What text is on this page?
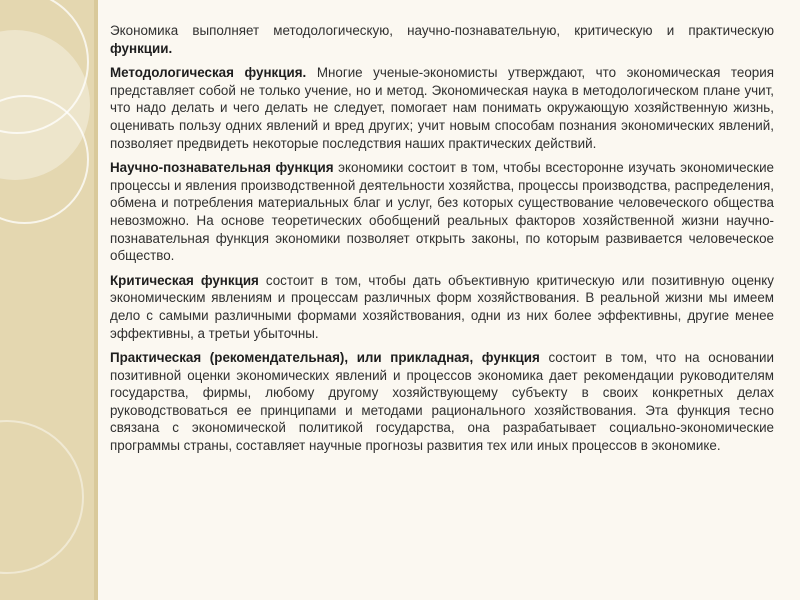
Экономика выполняет методологическую, научно-познавательную, критическую и практическую функции.

Методологическая функция. Многие ученые-экономисты утверждают, что экономическая теория представляет собой не только учение, но и метод. Экономическая наука в методологическом плане учит, что надо делать и чего делать не следует, помогает нам понимать окружающую хозяйственную жизнь, оценивать пользу одних явлений и вред других; учит новым способам познания экономических явлений, позволяет предвидеть некоторые последствия наших практических действий.

Научно-познавательная функция экономики состоит в том, чтобы всесторонне изучать экономические процессы и явления производственной деятельности хозяйства, процессы производства, распределения, обмена и потребления материальных благ и услуг, без которых существование человеческого общества невозможно. На основе теоретических обобщений реальных факторов хозяйственной жизни научно-познавательная функция экономики позволяет открыть законы, по которым развивается человеческое общество.

Критическая функция состоит в том, чтобы дать объективную критическую или позитивную оценку экономическим явлениям и процессам различных форм хозяйствования. В реальной жизни мы имеем дело с самыми различными формами хозяйствования, одни из них более эффективны, другие менее эффективны, а третьи убыточны.

Практическая (рекомендательная), или прикладная, функция состоит в том, что на основании позитивной оценки экономических явлений и процессов экономика дает рекомендации руководителям государства, фирмы, любому другому хозяйствующему субъекту в своих конкретных делах руководствоваться ее принципами и методами рационального хозяйствования. Эта функция тесно связана с экономической политикой государства, она разрабатывает социально-экономические программы страны, составляет научные прогнозы развития тех или иных процессов в экономике.
